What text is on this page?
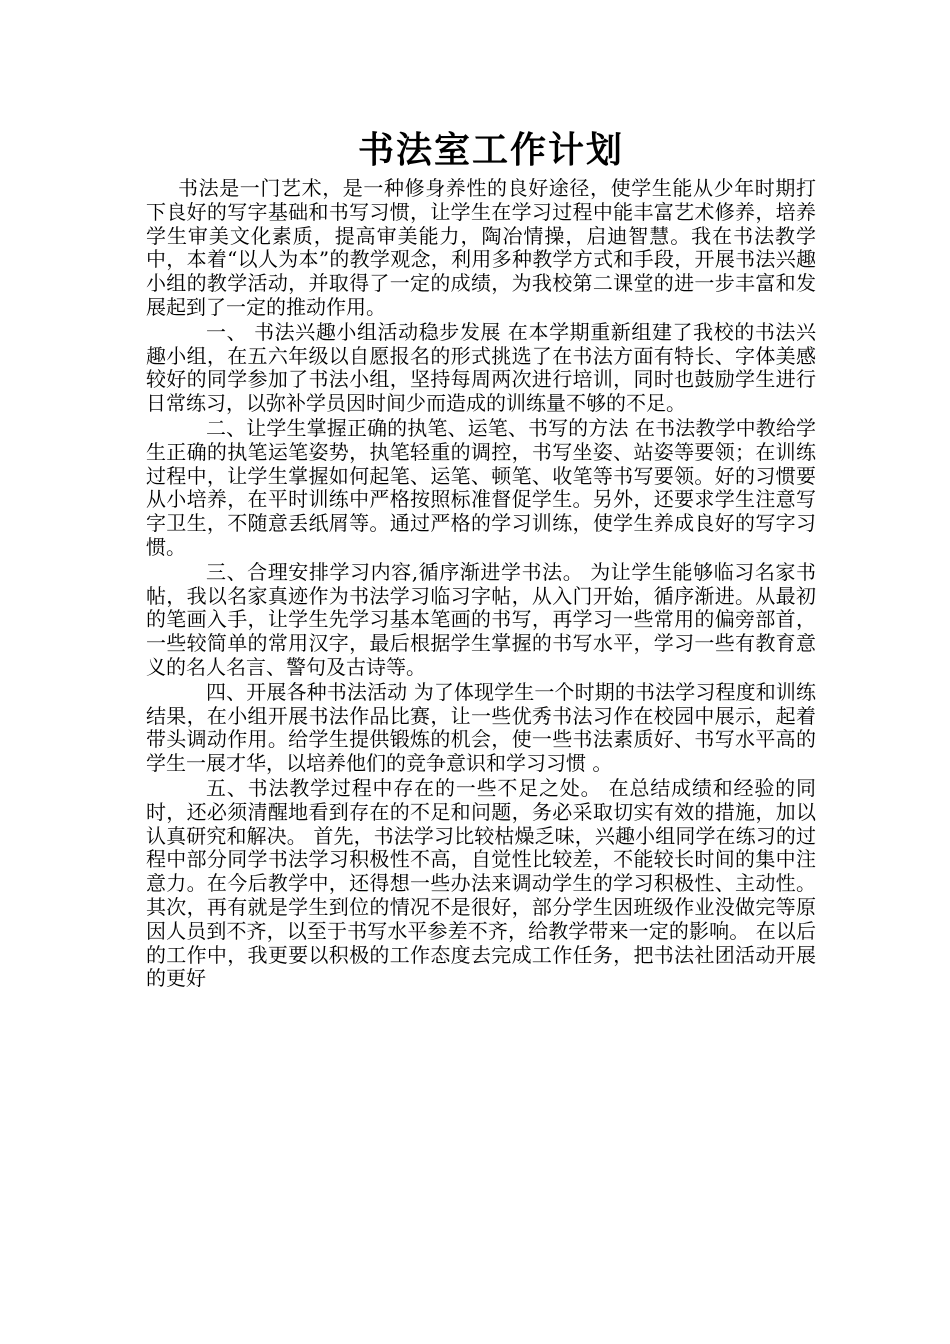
书法室工作计划

书法是一门艺术，是一种修身养性的良好途径，使学生能从少年时期打下良好的写字基础和书写习惯，让学生在学习过程中能丰富艺术修养，培养学生审美文化素质，提高审美能力，陶冶情操，启迪智慧。我在书法教学中，本着“以人为本”的教学观念，利用多种教学方式和手段，开展书法兴趣小组的教学活动，并取得了一定的成绩，为我校第二课堂的进一步丰富和发展起到了一定的推动作用。

一、 书法兴趣小组活动稳步发展 在本学期重新组建了我校的书法兴趣小组，在五六年级以自愿报名的形式挑选了在书法方面有特长、字体美感较好的同学参加了书法小组，坚持每周两次进行培训，同时也鼓励学生进行日常练习，以弥补学员因时间少而造成的训练量不够的不足。

二、让学生掌握正确的执笔、运笔、书写的方法 在书法教学中教给学生正确的执笔运笔姿势，执笔轻重的调控，书写坐姿、站姿等要领；在训练过程中，让学生掌握如何起笔、运笔、顿笔、收笔等书写要领。好的习惯要从小培养，在平时训练中严格按照标准督促学生。另外，还要求学生注意写字卫生，不随意丢纸屑等。通过严格的学习训练，使学生养成良好的写字习惯。

三、合理安排学习内容,循序渐进学书法。 为让学生能够临习名家书帖，我以名家真迹作为书法学习临习字帖，从入门开始，循序渐进。从最初的笔画入手，让学生先学习基本笔画的书写，再学习一些常用的偏旁部首，一些较简单的常用汉字，最后根据学生掌握的书写水平，学习一些有教育意义的名人名言、警句及古诗等。

四、开展各种书法活动 为了体现学生一个时期的书法学习程度和训练结果，在小组开展书法作品比赛，让一些优秀书法习作在校园中展示，起着带头调动作用。给学生提供锻炼的机会，使一些书法素质好、书写水平高的学生一展才华，以培养他们的竞争意识和学习习惯 。

五、书法教学过程中存在的一些不足之处。 在总结成绩和经验的同时，还必须清醒地看到存在的不足和问题，务必采取切实有效的措施，加以认真研究和解决。 首先，书法学习比较枯燥乏味，兴趣小组同学在练习的过程中部分同学书法学习积极性不高，自觉性比较差，不能较长时间的集中注意力。在今后教学中，还得想一些办法来调动学生的学习积极性、主动性。其次，再有就是学生到位的情况不是很好，部分学生因班级作业没做完等原因人员到不齐，以至于书写水平参差不齐，给教学带来一定的影响。 在以后的工作中，我更要以积极的工作态度去完成工作任务，把书法社团活动开展的更好
